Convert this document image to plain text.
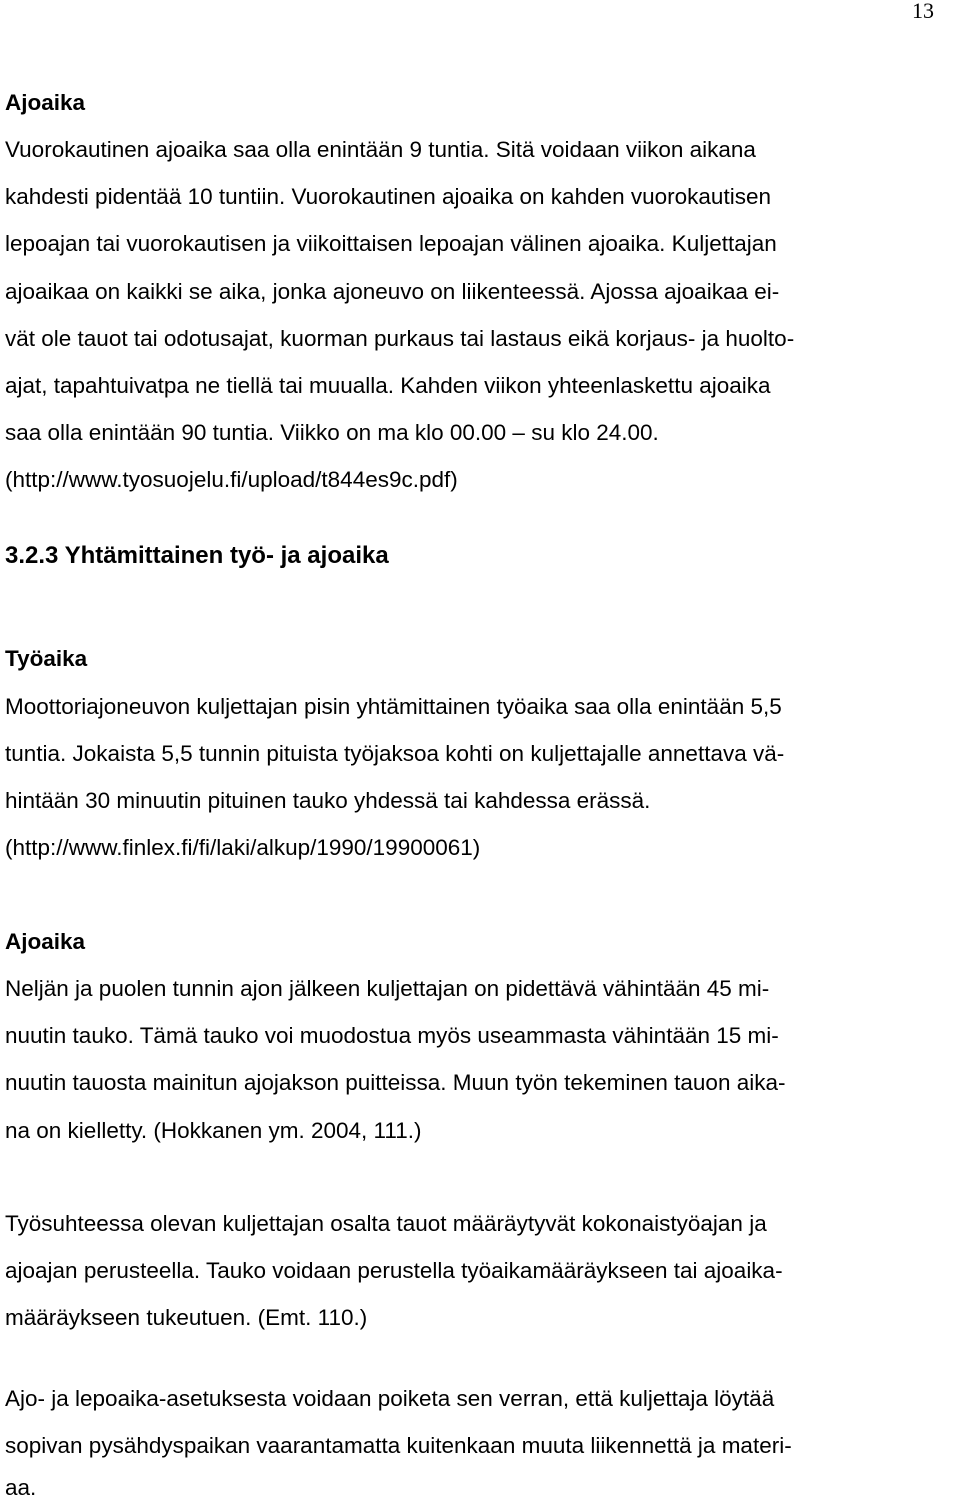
13
Ajoaika
Vuorokautinen ajoaika saa olla enintään 9 tuntia. Sitä voidaan viikon aikana
kahdesti pidentää 10 tuntiin. Vuorokautinen ajoaika on kahden vuorokautisen
lepoajan tai vuorokautisen ja viikoittaisen lepoajan välinen ajoaika. Kuljettajan
ajoaikaa on kaikki se aika, jonka ajoneuvo on liikenteessä. Ajossa ajoaikaa ei-
vät ole tauot tai odotusajat, kuorman purkaus tai lastaus eikä korjaus- ja huolto-
ajat, tapahtuivatpa ne tiellä tai muualla. Kahden viikon yhteenlaskettu ajoaika
saa olla enintään 90 tuntia. Viikko on ma klo 00.00 – su klo 24.00.
(http://www.tyosuojelu.fi/upload/t844es9c.pdf)
3.2.3 Yhtämittainen työ- ja ajoaika
Työaika
Moottoriajoneuvon kuljettajan pisin yhtämittainen työaika saa olla enintään 5,5
tuntia. Jokaista 5,5 tunnin pituista työjaksoa kohti on kuljettajalle annettava vä-
hintään 30 minuutin pituinen tauko yhdessä tai kahdessa erässä.
(http://www.finlex.fi/fi/laki/alkup/1990/19900061)
Ajoaika
Neljän ja puolen tunnin ajon jälkeen kuljettajan on pidettävä vähintään 45 mi-
nuutin tauko. Tämä tauko voi muodostua myös useammasta vähintään 15 mi-
nuutin tauosta mainitun ajojakson puitteissa. Muun työn tekeminen tauon aika-
na on kielletty. (Hokkanen ym. 2004, 111.)
Työsuhteessa olevan kuljettajan osalta tauot määräytyvät kokonaistyöajan ja
ajoajan perusteella. Tauko voidaan perustella työaikamääräykseen tai ajoaika-
määräykseen tukeutuen. (Emt. 110.)
Ajo- ja lepoaika-asetuksesta voidaan poiketa sen verran, että kuljettaja löytää
sopivan pysähdyspaikan vaarantamatta kuitenkaan muuta liikennettä ja materi-
aa.
